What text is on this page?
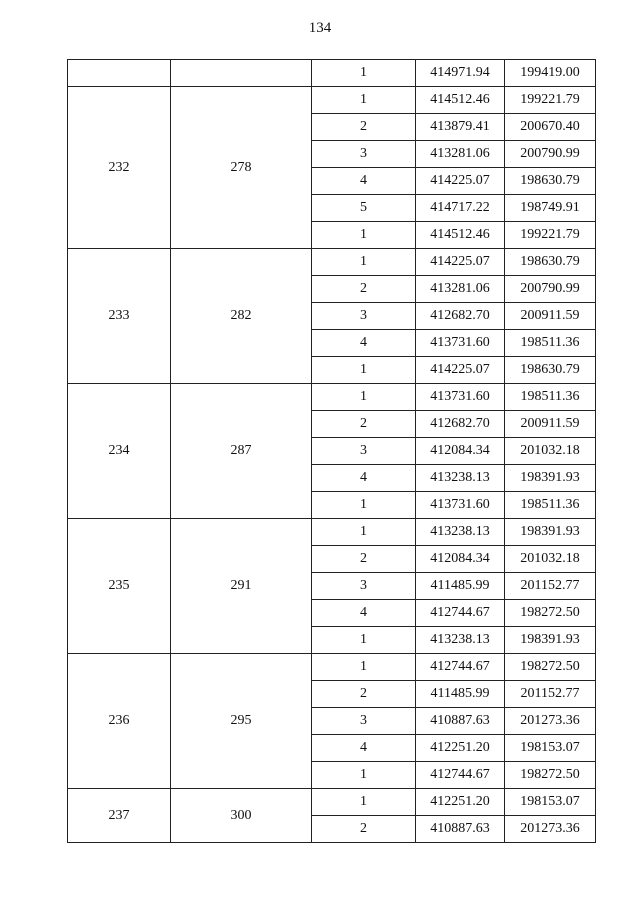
134
		1	414971.94	199419.00
232	278	1	414512.46	199221.79
		2	413879.41	200670.40
		3	413281.06	200790.99
		4	414225.07	198630.79
		5	414717.22	198749.91
		1	414512.46	199221.79
233	282	1	414225.07	198630.79
		2	413281.06	200790.99
		3	412682.70	200911.59
		4	413731.60	198511.36
		1	414225.07	198630.79
234	287	1	413731.60	198511.36
		2	412682.70	200911.59
		3	412084.34	201032.18
		4	413238.13	198391.93
		1	413731.60	198511.36
235	291	1	413238.13	198391.93
		2	412084.34	201032.18
		3	411485.99	201152.77
		4	412744.67	198272.50
		1	413238.13	198391.93
236	295	1	412744.67	198272.50
		2	411485.99	201152.77
		3	410887.63	201273.36
		4	412251.20	198153.07
		1	412744.67	198272.50
237	300	1	412251.20	198153.07
		2	410887.63	201273.36
